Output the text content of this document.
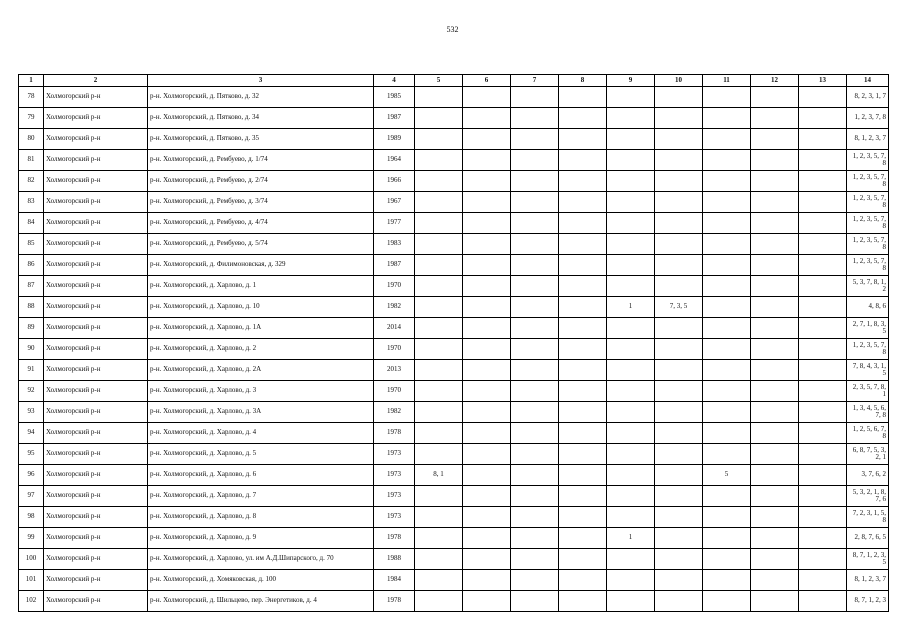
532
1	2	3	4	5	6	7	8	9	10	11	12	13	14
78	Холмогорский р-н	р-н. Холмогорский, д. Пятково, д. 32	1985										8, 2, 3, 1, 7
79	Холмогорский р-н	р-н. Холмогорский, д. Пятково, д. 34	1987										1, 2, 3, 7, 8
80	Холмогорский р-н	р-н. Холмогорский, д. Пятково, д. 35	1989										8, 1, 2, 3, 7
81	Холмогорский р-н	р-н. Холмогорский, д. Рембуево, д. 1/74	1964										1, 2, 3, 5, 7, 8
82	Холмогорский р-н	р-н. Холмогорский, д. Рембуево, д. 2/74	1966										1, 2, 3, 5, 7, 8
83	Холмогорский р-н	р-н. Холмогорский, д. Рембуево, д. 3/74	1967										1, 2, 3, 5, 7, 8
84	Холмогорский р-н	р-н. Холмогорский, д. Рембуево, д. 4/74	1977										1, 2, 3, 5, 7, 8
85	Холмогорский р-н	р-н. Холмогорский, д. Рембуево, д. 5/74	1983										1, 2, 3, 5, 7, 8
86	Холмогорский р-н	р-н. Холмогорский, д. Филимоновская, д. 329	1987										1, 2, 3, 5, 7, 8
87	Холмогорский р-н	р-н. Холмогорский, д. Харлово, д. 1	1970										5, 3, 7, 8, 1, 2
88	Холмогорский р-н	р-н. Холмогорский, д. Харлово, д. 10	1982					1	7, 3, 5				4, 8, 6
89	Холмогорский р-н	р-н. Холмогорский, д. Харлово, д. 1А	2014										2, 7, 1, 8, 3, 5
90	Холмогорский р-н	р-н. Холмогорский, д. Харлово, д. 2	1970										1, 2, 3, 5, 7, 8
91	Холмогорский р-н	р-н. Холмогорский, д. Харлово, д. 2А	2013										7, 8, 4, 3, 1, 5
92	Холмогорский р-н	р-н. Холмогорский, д. Харлово, д. 3	1970										2, 3, 5, 7, 8, 1
93	Холмогорский р-н	р-н. Холмогорский, д. Харлово, д. 3А	1982										1, 3, 4, 5, 6, 7, 8
94	Холмогорский р-н	р-н. Холмогорский, д. Харлово, д. 4	1978										1, 2, 5, 6, 7, 8
95	Холмогорский р-н	р-н. Холмогорский, д. Харлово, д. 5	1973										6, 8, 7, 5, 3, 2, 1
96	Холмогорский р-н	р-н. Холмогорский, д. Харлово, д. 6	1973	8, 1						5			3, 7, 6, 2
97	Холмогорский р-н	р-н. Холмогорский, д. Харлово, д. 7	1973										5, 3, 2, 1, 8, 7, 6
98	Холмогорский р-н	р-н. Холмогорский, д. Харлово, д. 8	1973										7, 2, 3, 1, 5, 8
99	Холмогорский р-н	р-н. Холмогорский, д. Харлово, д. 9	1978					1					2, 8, 7, 6, 5
100	Холмогорский р-н	р-н. Холмогорский, д. Харлово, ул. им А.Д.Шипарского, д. 70	1988										8, 7, 1, 2, 3, 5
101	Холмогорский р-н	р-н. Холмогорский, д. Хомяковская, д. 100	1984										8, 1, 2, 3, 7
102	Холмогорский р-н	р-н. Холмогорский, д. Шильцево, пер. Энергетиков, д. 4	1978										8, 7, 1, 2, 3
